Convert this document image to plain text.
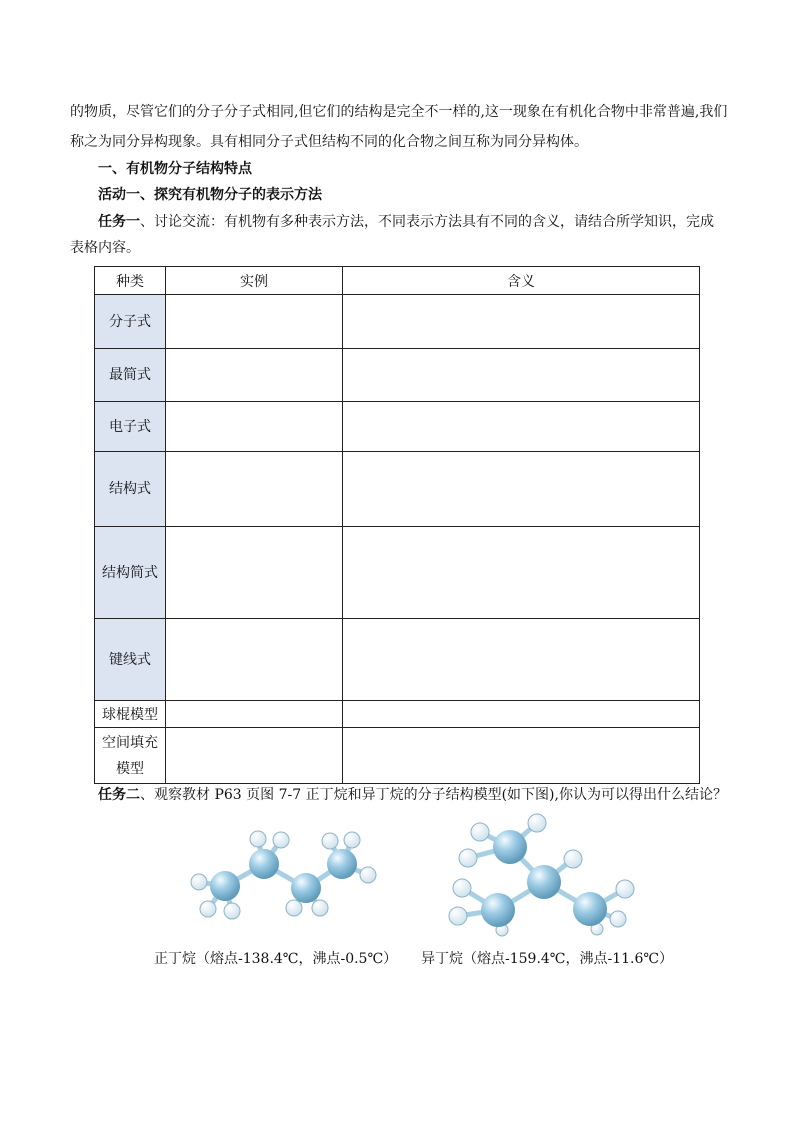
的物质，尽管它们的分子分子式相同,但它们的结构是完全不一样的,这一现象在有机化合物中非常普遍,我们
称之为同分异构现象。具有相同分子式但结构不同的化合物之间互称为同分异构体。
一、有机物分子结构特点
活动一、探究有机物分子的表示方法
任务一、讨论交流：有机物有多种表示方法，不同表示方法具有不同的含义，请结合所学知识，完成
表格内容。
种类	实例	含义
分子式		
最简式		
电子式		
结构式		
结构简式		
键线式		
球棍模型		

空间填充
模型		

任务二、观察教材 P63 页图 7-7 正丁烷和异丁烷的分子结构模型(如下图),你认为可以得出什么结论？
正丁烷（熔点-138.4℃，沸点-0.5℃） 异丁烷（熔点-159.4℃，沸点-11.6℃）
